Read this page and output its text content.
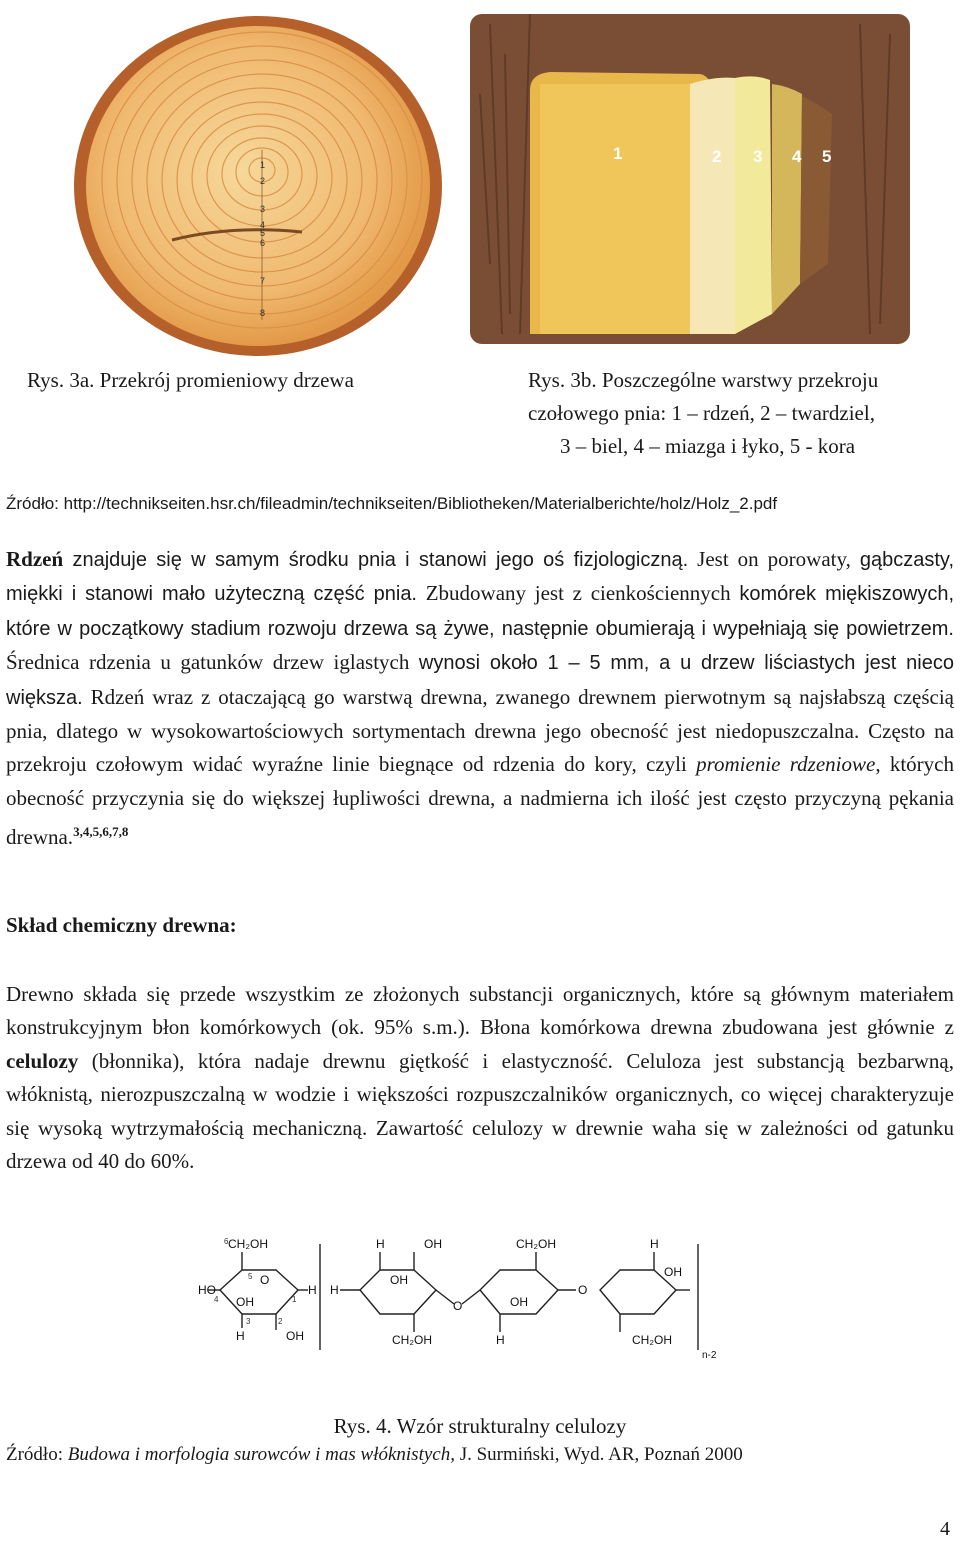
1
2
3
4
5
6
7
8
1	2 3 4 5
Rys. 3a. Przekrój promieniowy drzewa	Rys. 3b. Poszczególne warstwy przekroju
czołowego pnia: 1 – rdzeń, 2 – twardziel,
3 – biel, 4 – miazga i łyko, 5 - kora
Źródło: http://technikseiten.hsr.ch/fileadmin/technikseiten/Bibliotheken/Materialberichte/holz/Holz_2.pdf

Rdzeń znajduje się w samym środku pnia i stanowi jego oś fizjologiczną. Jest on porowaty, gąbczasty, miękki i stanowi mało użyteczną część pnia. Zbudowany jest z cienkościennych komórek miękiszowych, które w początkowy stadium rozwoju drzewa są żywe, następnie obumierają i wypełniają się powietrzem. Średnica rdzenia u gatunków drzew iglastych wynosi około 1 – 5 mm, a u drzew liściastych jest nieco większa. Rdzeń wraz z otaczającą go warstwą drewna, zwanego drewnem pierwotnym są najsłabszą częścią pnia, dlatego w wysokowartościowych sortymentach drewna jego obecność jest niedopuszczalna. Często na przekroju czołowym widać wyraźne linie biegnące od rdzenia do kory, czyli promienie rdzeniowe, których obecność przyczynia się do większej łupliwości drewna, a nadmierna ich ilość jest często przyczyną pękania drewna.$^{3,4,5,6,7,8}$

Skład chemiczny drewna:

Drewno składa się przede wszystkim ze złożonych substancji organicznych, które są głównym materiałem konstrukcyjnym błon komórkowych (ok. 95% s.m.). Błona komórkowa drewna zbudowana jest głównie z celulozy (błonnika), która nadaje drewnu giętkość i elastyczność. Celuloza jest substancją bezbarwną, włóknistą, nierozpuszczalną w wodzie i większości rozpuszczalników organicznych, co więcej charakteryzuje się wysoką wytrzymałością mechaniczną. Zawartość celulozy w drewnie waha się w zależności od gatunku drzewa od 40 do 60%.

CH₂OH
O
HO
OH
H	OH
H H
H	OH
OH
CH₂OH
O
CH₂OH
OH
H
O
H
OH
CH₂OH
n-2
6
5
4	1
2
3
Rys. 4. Wzór strukturalny celulozy
Źródło: Budowa i morfologia surowców i mas włóknistych, J. Surmiński, Wyd. AR, Poznań 2000
4
